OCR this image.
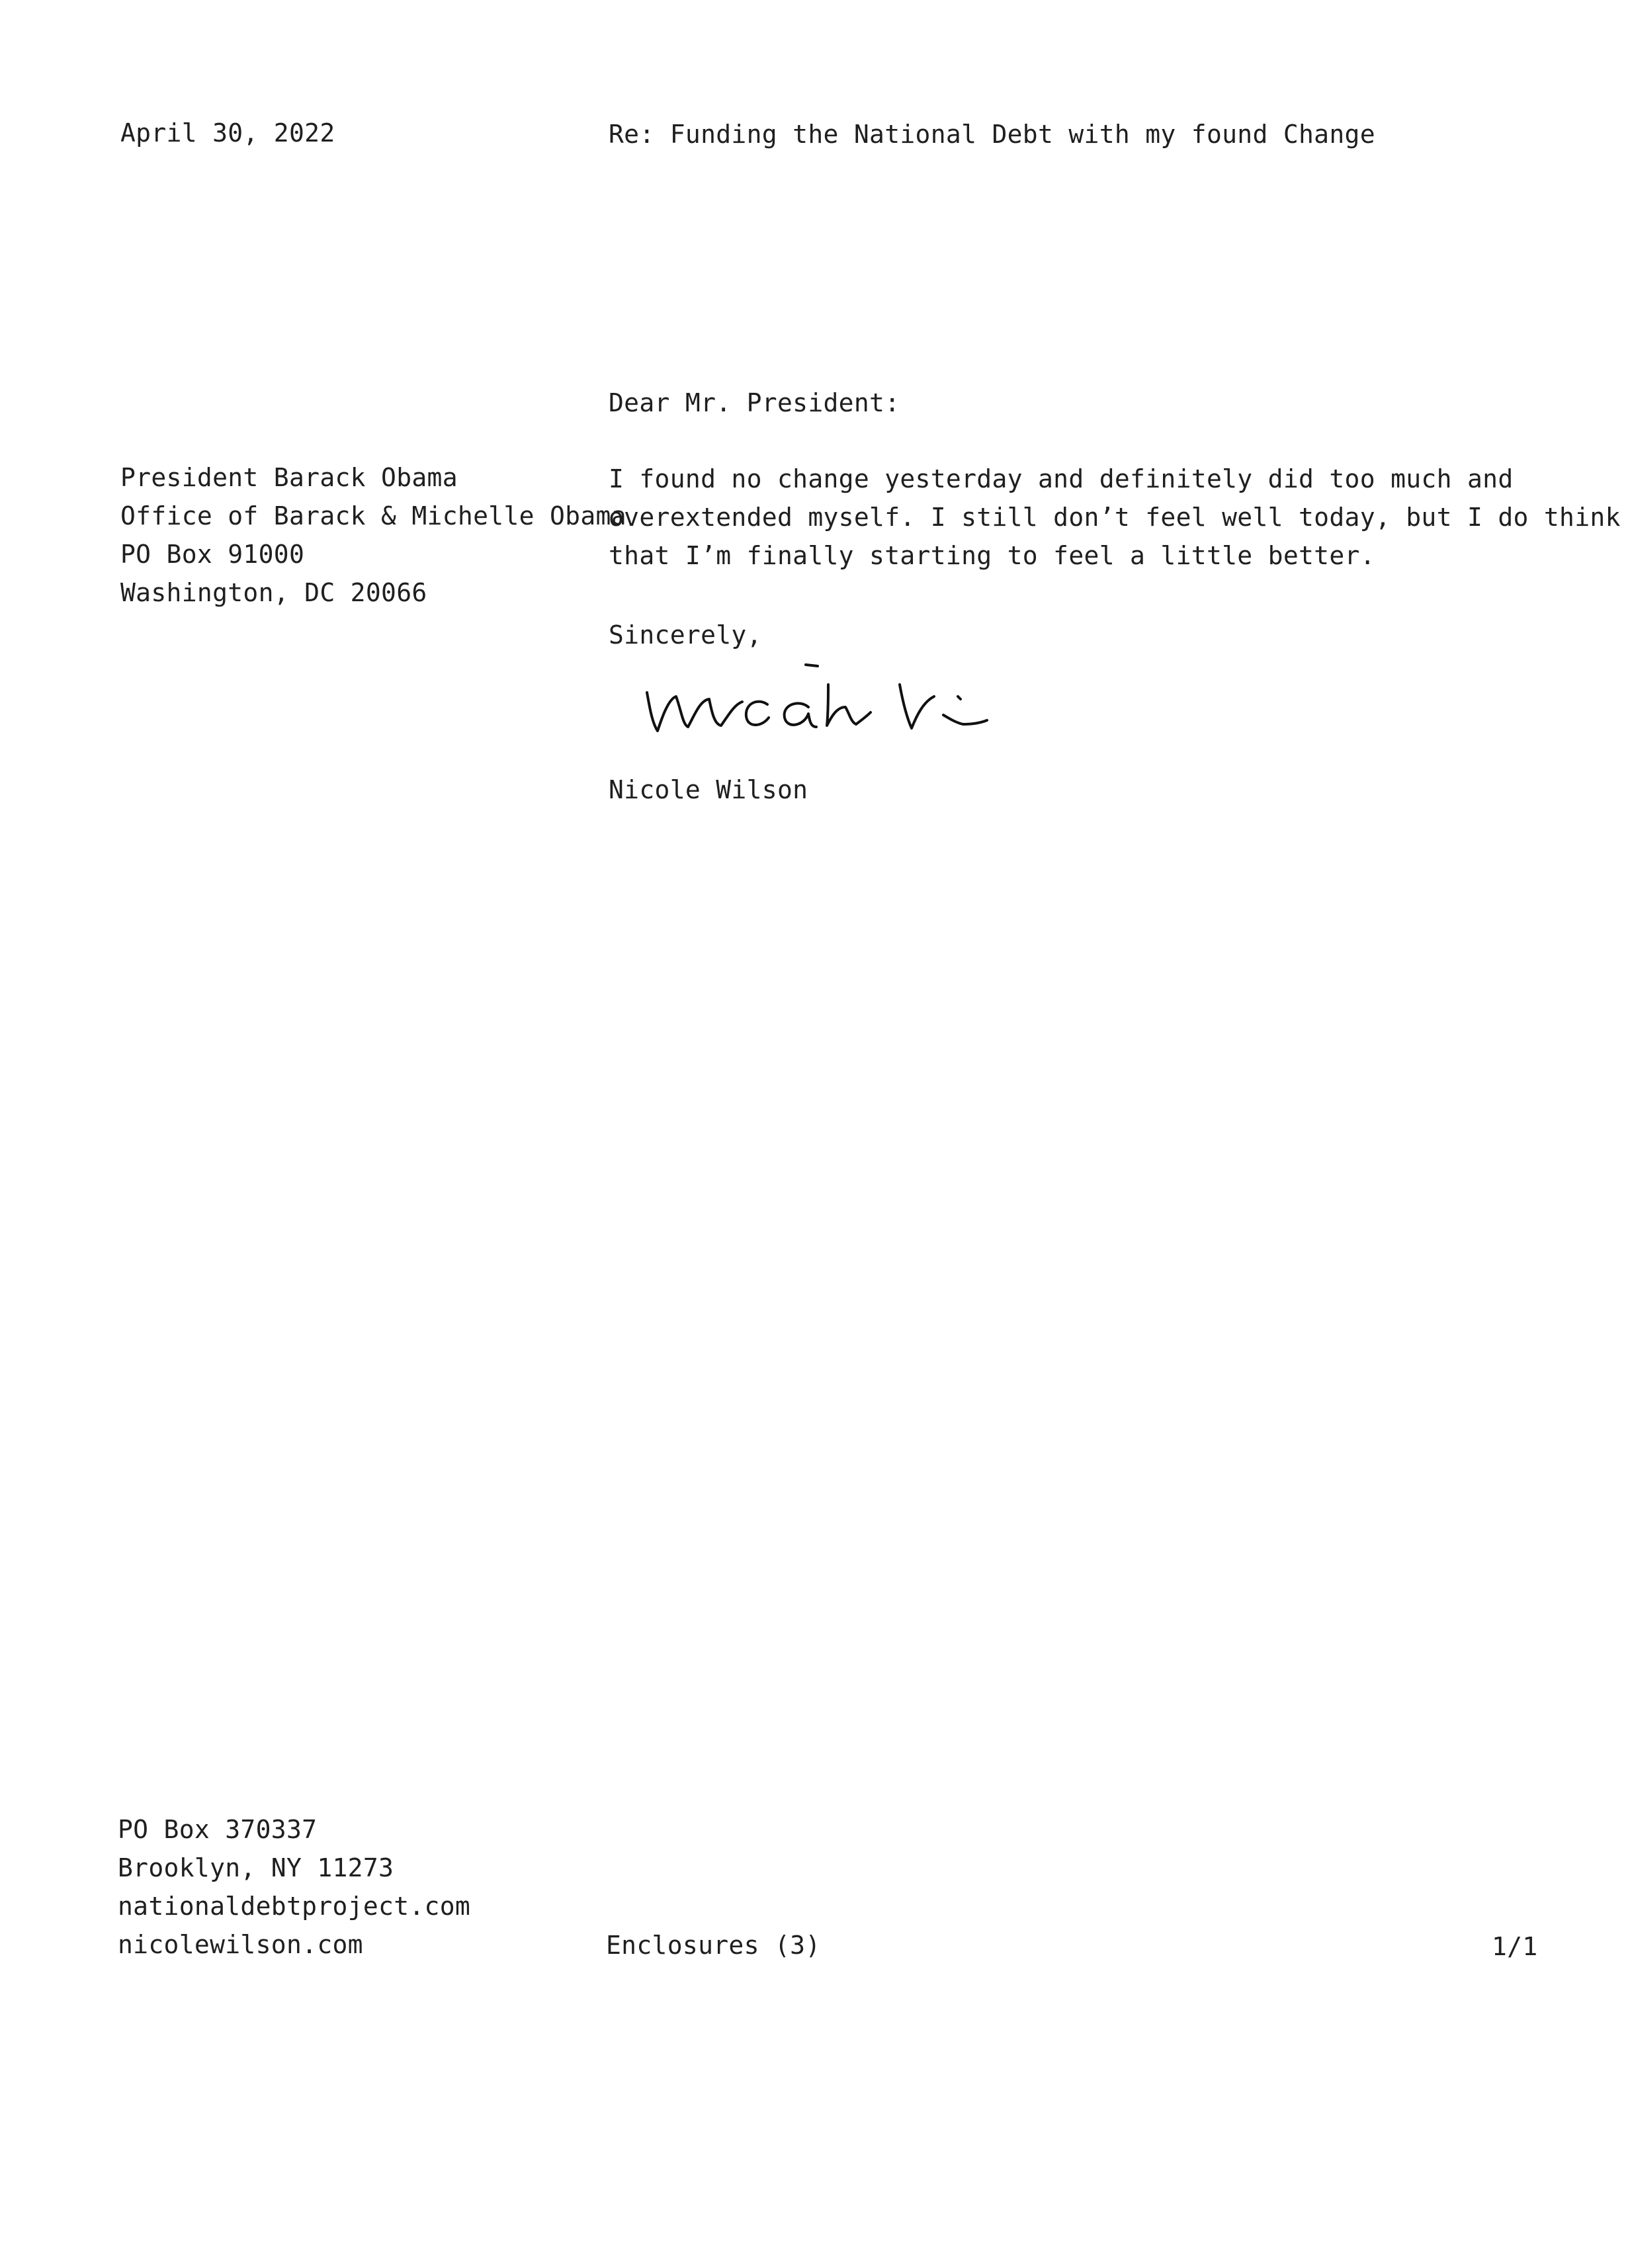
April 30, 2022	Re: Funding the National Debt with my found Change
Dear Mr. President:
President Barack Obama
Office of Barack & Michelle Obama
PO Box 91000
Washington, DC 20066
I found no change yesterday and definitely did too much and
overextended myself. I still don’t feel well today, but I do think
that I’m finally starting to feel a little better.
Sincerely,
Nicole Wilson
PO Box 370337
Brooklyn, NY 11273
nationaldebtproject.com
nicolewilson.com	Enclosures (3)	1/1
